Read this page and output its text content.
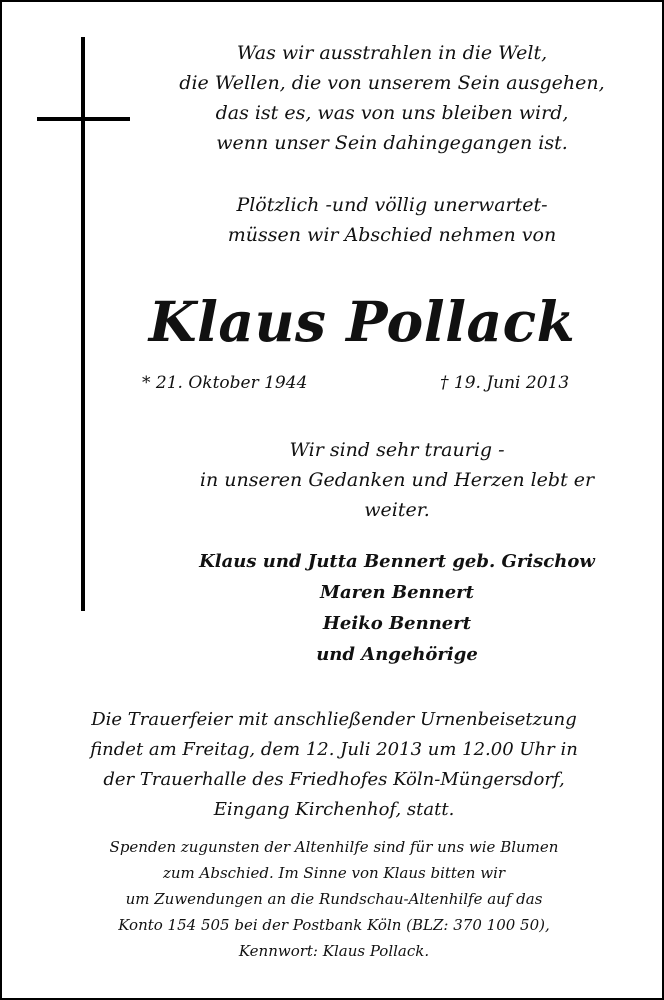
Was wir ausstrahlen in die Welt,
die Wellen, die von unserem Sein ausgehen,
das ist es, was von uns bleiben wird,
wenn unser Sein dahingegangen ist.
Plötzlich -und völlig unerwartet-
müssen wir Abschied nehmen von
Klaus Pollack
* 21. Oktober 1944	† 19. Juni 2013
Wir sind sehr traurig -
in unseren Gedanken und Herzen lebt er
weiter.
Klaus und Jutta Bennert geb. Grischow
Maren Bennert
Heiko Bennert
und Angehörige
Die Trauerfeier mit anschließender Urnenbeisetzung
findet am Freitag, dem 12. Juli 2013 um 12.00 Uhr in
der Trauerhalle des Friedhofes Köln-Müngersdorf,
Eingang Kirchenhof, statt.
Spenden zugunsten der Altenhilfe sind für uns wie Blumen
zum Abschied. Im Sinne von Klaus bitten wir
um Zuwendungen an die Rundschau-Altenhilfe auf das
Konto 154 505 bei der Postbank Köln (BLZ: 370 100 50),
Kennwort: Klaus Pollack.
